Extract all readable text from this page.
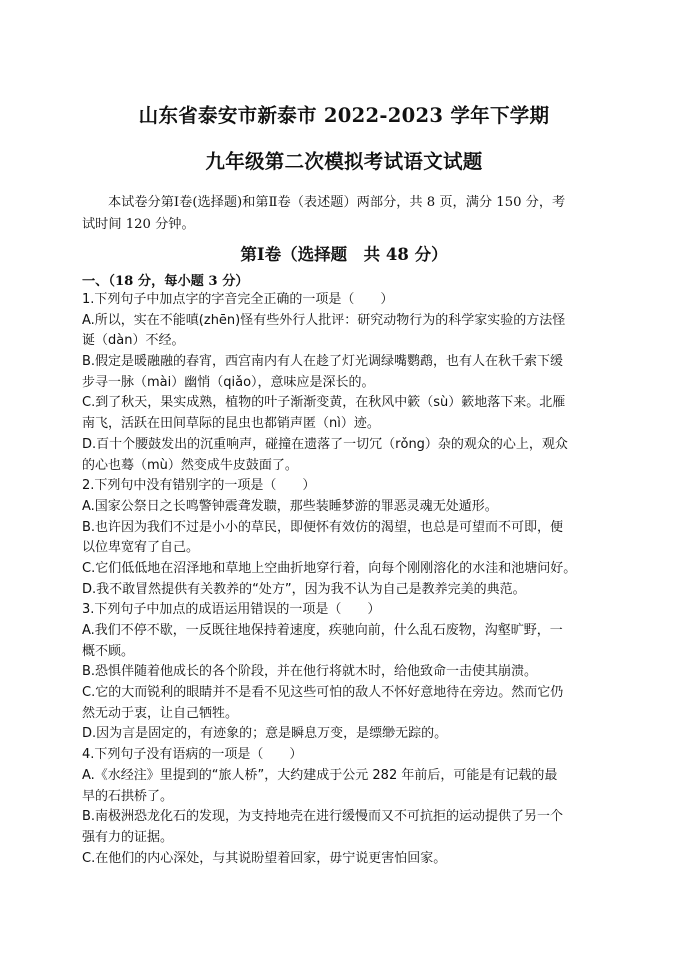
山东省泰安市新泰市 2022-2023 学年下学期
九年级第二次模拟考试语文试题

本试卷分第Ⅰ卷(选择题)和第Ⅱ卷（表述题）两部分，共 8 页，满分 150 分，考

试时间 120 分钟。

第Ⅰ卷（选择题　共 48 分）
一、（18 分，每小题 3 分）
1.下列句子中加点字的字音完全正确的一项是（　　）
A.所以，实在不能嗔(zhēn)怪有些外行人批评：研究动物行为的科学家实验的方法怪
诞（dàn）不经。
B.假定是暖融融的春宵，西宫南内有人在趁了灯光调绿嘴鹦鹉，也有人在秋千索下缓
步寻一脉（mài）幽悄（qiǎo），意味应是深长的。
C.到了秋天，果实成熟，植物的叶子渐渐变黄，在秋风中簌（sù）簌地落下来。北雁
南飞，活跃在田间草际的昆虫也都销声匿（nì）迹。
D.百十个腰鼓发出的沉重响声，碰撞在遗落了一切冗（rǒng）杂的观众的心上，观众
的心也蓦（mù）然变成牛皮鼓面了。
2.下列句中没有错别字的一项是（　　）
A.国家公祭日之长鸣警钟震聋发聩，那些装睡梦游的罪恶灵魂无处遁形。
B.也许因为我们不过是小小的草民，即便怀有效仿的渴望，也总是可望而不可即，便
以位卑宽宥了自己。
C.它们低低地在沼泽地和草地上空曲折地穿行着，向每个刚刚溶化的水洼和池塘问好。
D.我不敢冒然提供有关教养的“处方”，因为我不认为自己是教养完美的典范。
3.下列句子中加点的成语运用错误的一项是（　　）
A.我们不停不歇，一反既往地保持着速度，疾驰向前，什么乱石废物，沟壑旷野，一
概不顾。
B.恐惧伴随着他成长的各个阶段，并在他行将就木时，给他致命一击使其崩溃。
C.它的大而锐利的眼睛并不是看不见这些可怕的敌人不怀好意地待在旁边。然而它仍
然无动于衷，让自己牺牲。
D.因为言是固定的，有迹象的；意是瞬息万变，是缥缈无踪的。
4.下列句子没有语病的一项是（　　）
A.《水经注》里提到的“旅人桥”，大约建成于公元 282 年前后，可能是有记载的最
早的石拱桥了。
B.南极洲恐龙化石的发现，为支持地壳在进行缓慢而又不可抗拒的运动提供了另一个
强有力的证据。
C.在他们的内心深处，与其说盼望着回家，毋宁说更害怕回家。
